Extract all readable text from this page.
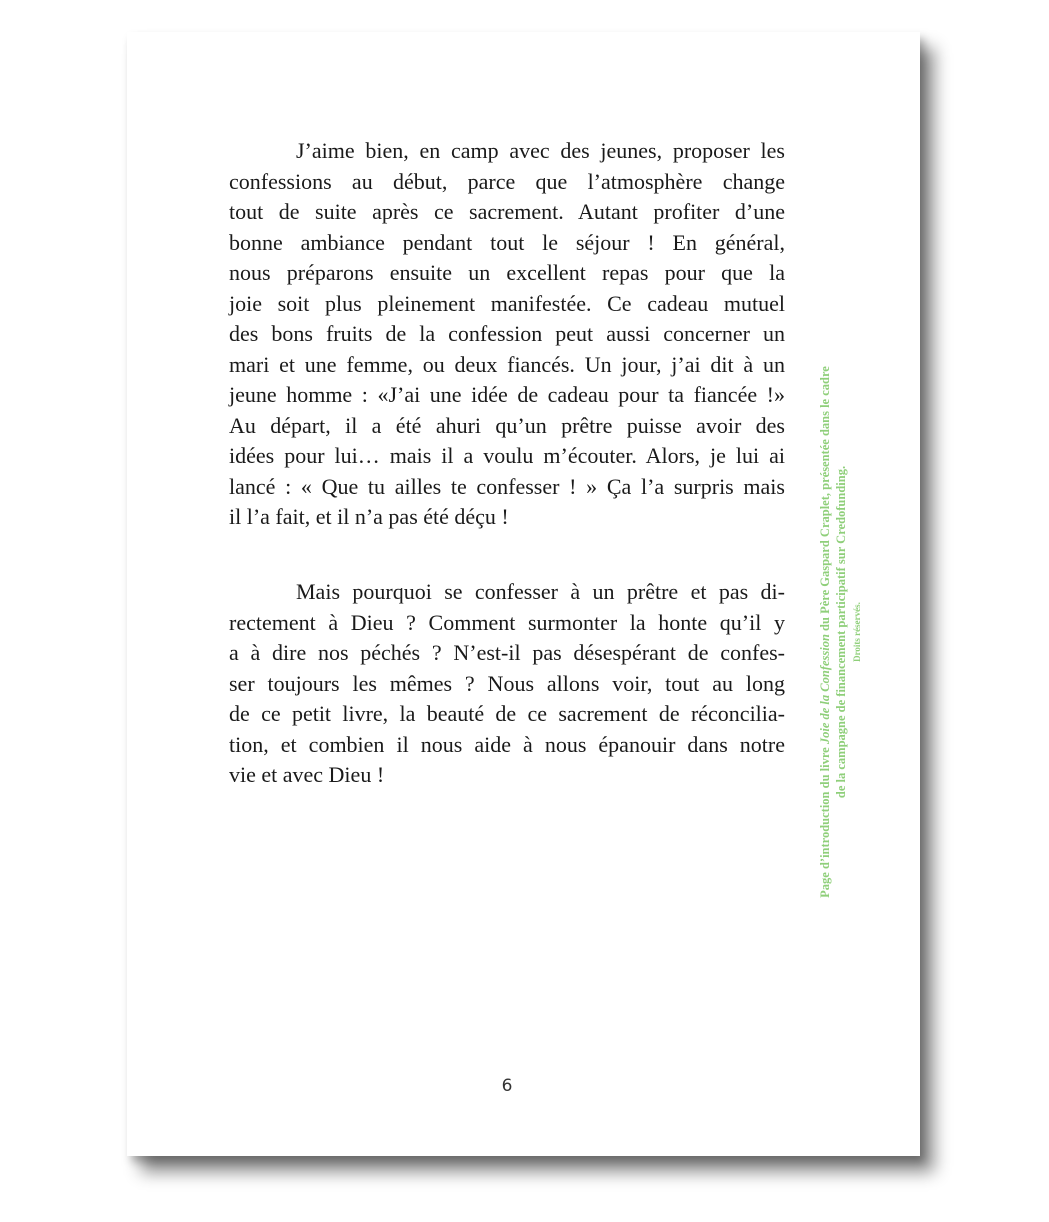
J’aime bien, en camp avec des jeunes, proposer les
confessions au début, parce que l’atmosphère change
tout de suite après ce sacrement. Autant profiter d’une
bonne ambiance pendant tout le séjour ! En général,
nous préparons ensuite un excellent repas pour que la
joie soit plus pleinement manifestée. Ce cadeau mutuel
des bons fruits de la confession peut aussi concerner un
mari et une femme, ou deux fiancés. Un jour, j’ai dit à un
jeune homme : «J’ai une idée de cadeau pour ta fiancée !»
Au départ, il a été ahuri qu’un prêtre puisse avoir des
idées pour lui… mais il a voulu m’écouter. Alors, je lui ai
lancé : « Que tu ailles te confesser ! » Ça l’a surpris mais
il l’a fait, et il n’a pas été déçu !
Mais pourquoi se confesser à un prêtre et pas di-
rectement à Dieu ? Comment surmonter la honte qu’il y
a à dire nos péchés ? N’est-il pas désespérant de confes-
ser toujours les mêmes ? Nous allons voir, tout au long
de ce petit livre, la beauté de ce sacrement de réconcilia-
tion, et combien il nous aide à nous épanouir dans notre
vie et avec Dieu !
6
Page d’introduction du livre Joie de la Confession du Père Gaspard Craplet, présentée dans le cadre de la campagne de financement participatif sur Credofunding. Droits réservés.
